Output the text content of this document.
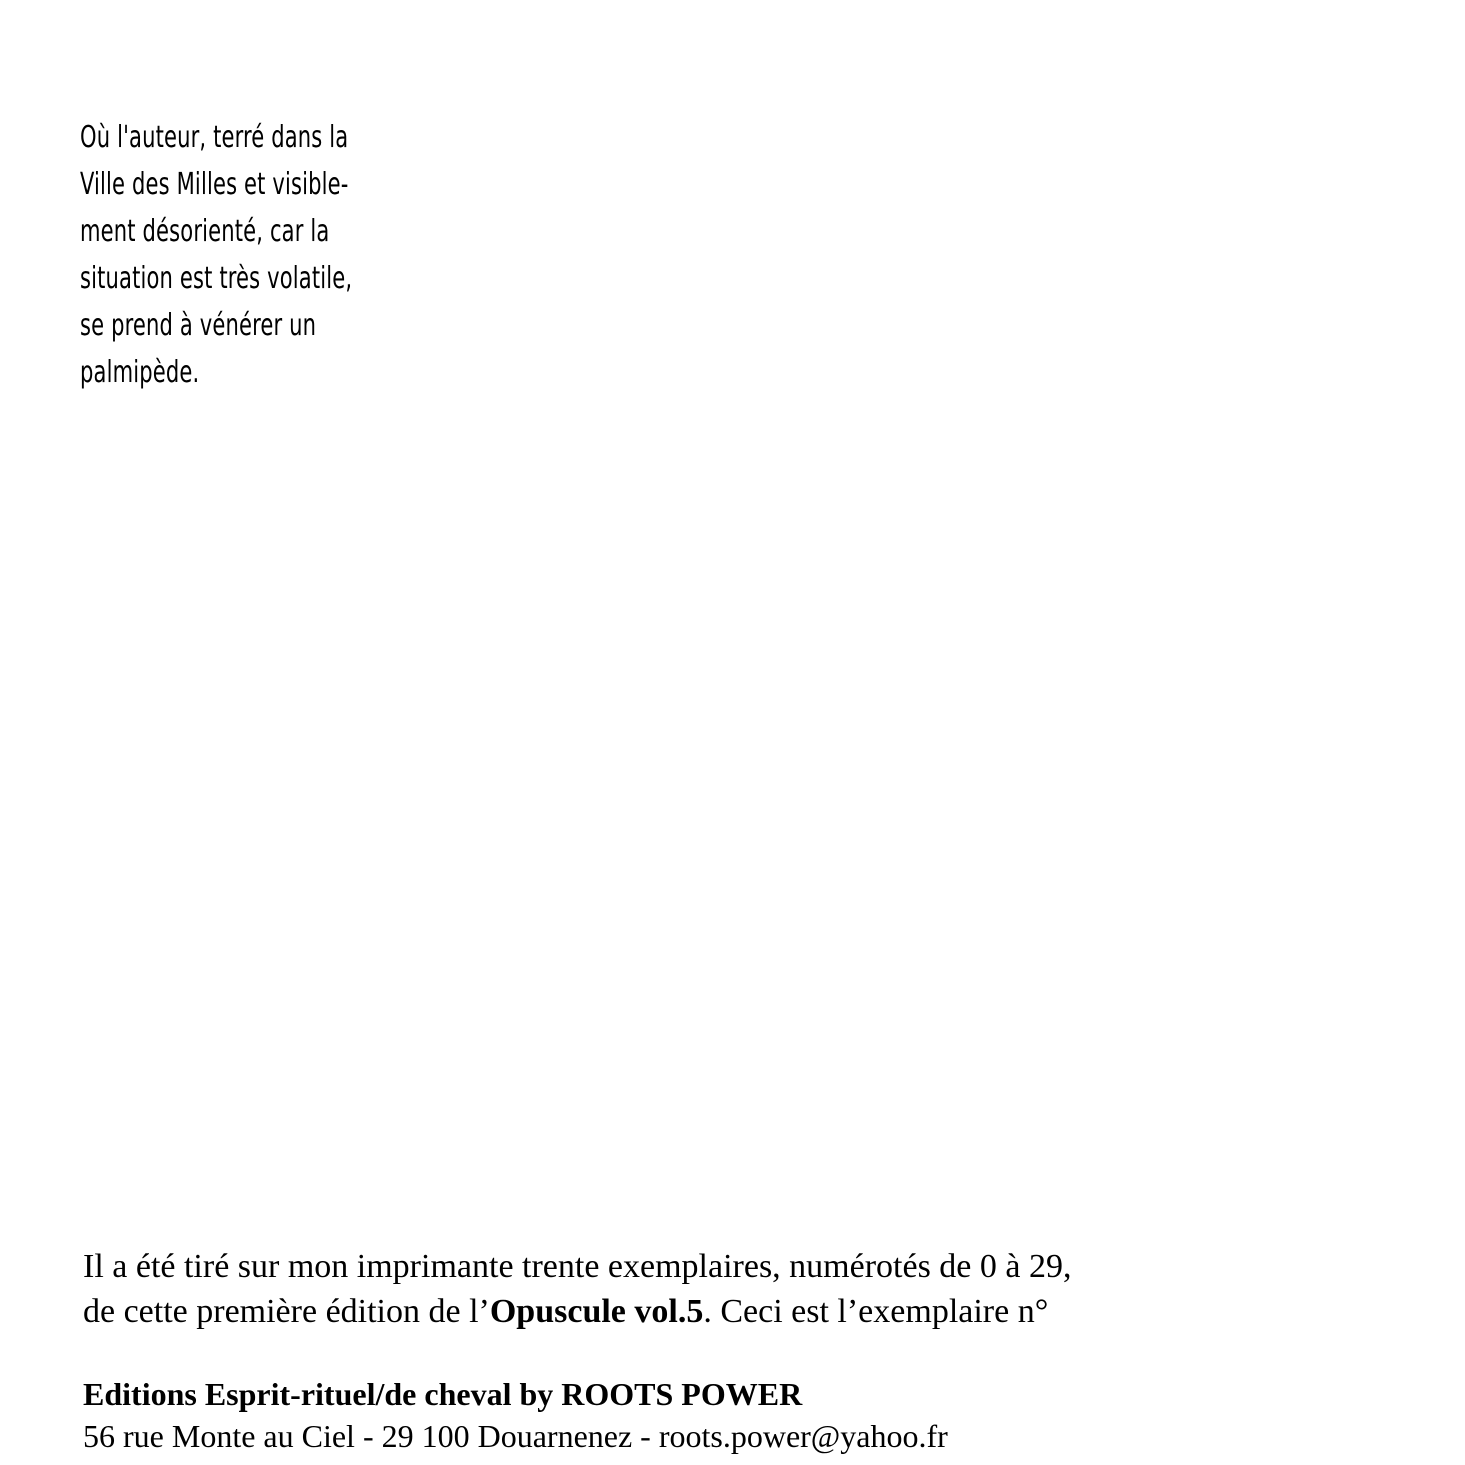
Où l'auteur, terré dans la
Ville des Milles et visible-
ment désorienté, car la
situation est très volatile,
se prend à vénérer un
palmipède.
Il a été tiré sur mon imprimante trente exemplaires, numérotés de 0 à 29,
de cette première édition de l’Opuscule vol.5. Ceci est l’exemplaire n°
Editions Esprit-rituel/de cheval by ROOTS POWER
56 rue Monte au Ciel - 29 100 Douarnenez - roots.power@yahoo.fr
